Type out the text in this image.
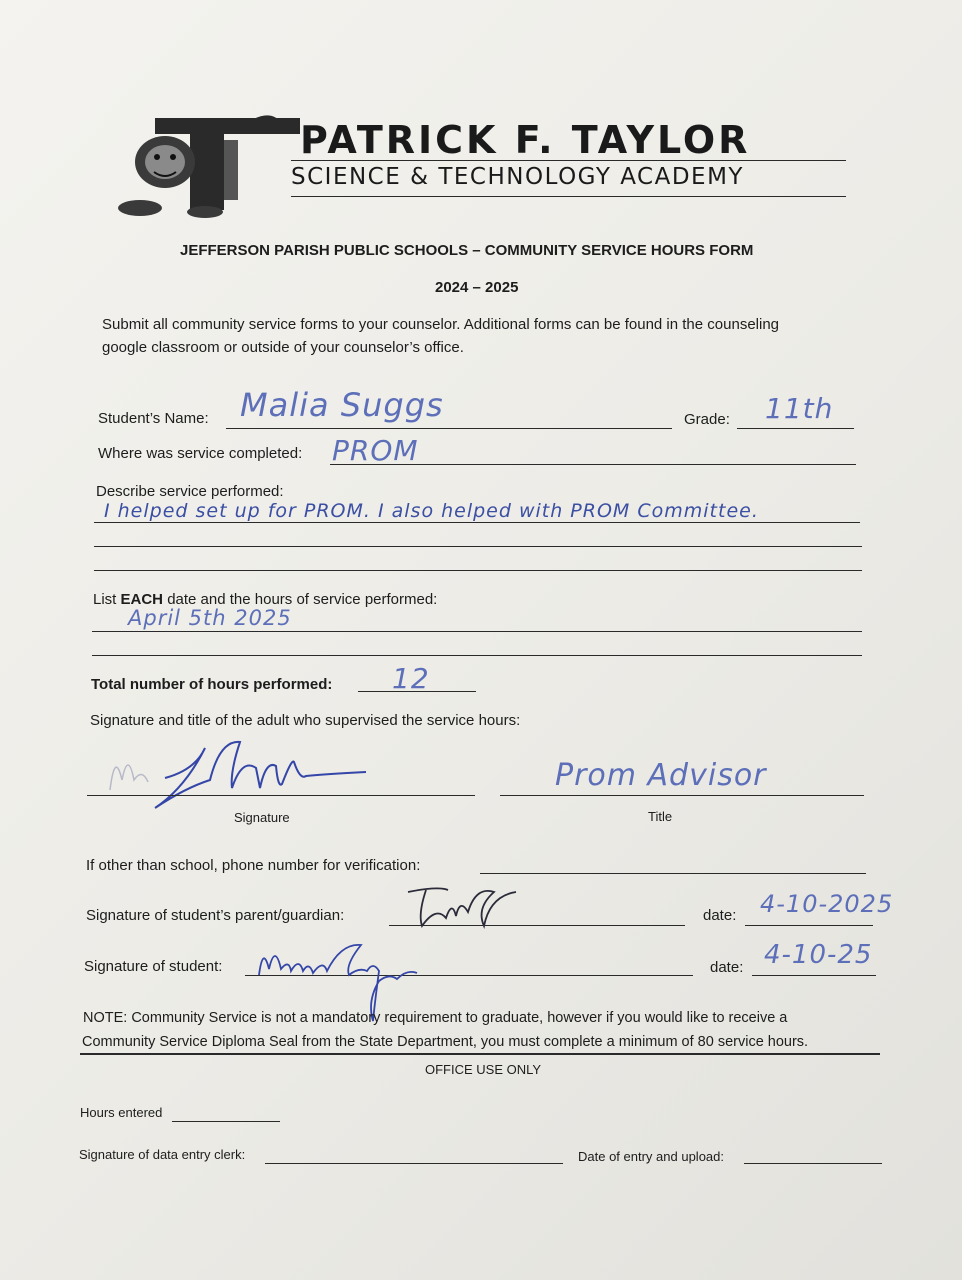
PATRICK F. TAYLOR
SCIENCE & TECHNOLOGY ACADEMY
JEFFERSON PARISH PUBLIC SCHOOLS – COMMUNITY SERVICE HOURS FORM
2024 – 2025
Submit all community service forms to your counselor. Additional forms can be found in the counseling
google classroom or outside of your counselor’s office.
Student’s Name: Malia Suggs	Grade: 11th
Where was service completed: PROM
Describe service performed:
I helped set up for PROM. I also helped with PROM Committee.
List EACH date and the hours of service performed:
April 5th 2025
Total number of hours performed: 12
Signature and title of the adult who supervised the service hours:
Signature
Prom Advisor
Title
If other than school, phone number for verification:
Signature of student’s parent/guardian:	date: 4-10-2025
Signature of student:	date: 4-10-25
NOTE: Community Service is not a mandatory requirement to graduate, however if you would like to receive a
Community Service Diploma Seal from the State Department, you must complete a minimum of 80 service hours.
OFFICE USE ONLY
Hours entered
Signature of data entry clerk:	Date of entry and upload:
